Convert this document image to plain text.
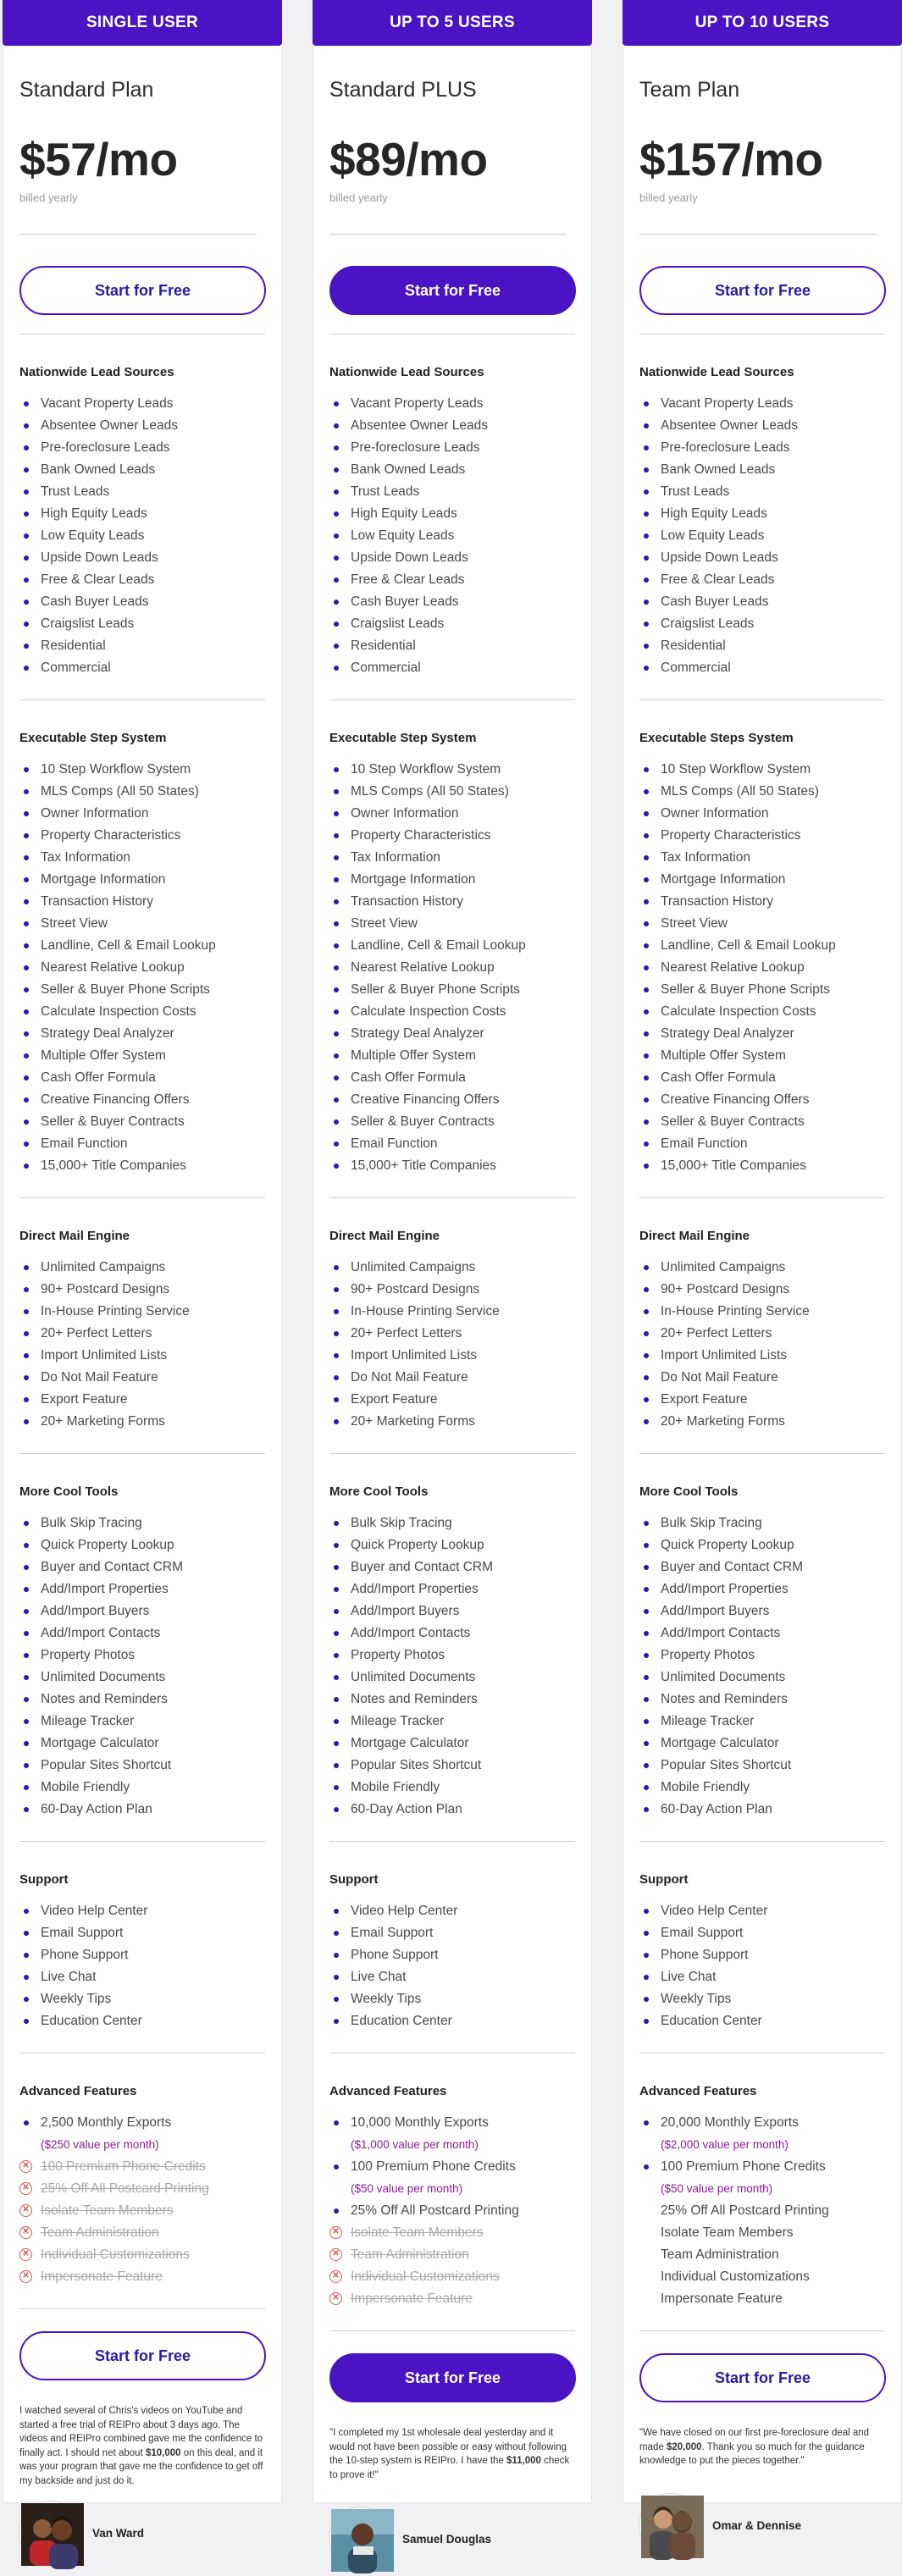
SINGLE USER
Standard Plan
$57/mo
billed yearly
Start for Free
Nationwide Lead Sources
Vacant Property Leads
Absentee Owner Leads
Pre-foreclosure Leads
Bank Owned Leads
Trust Leads
High Equity Leads
Low Equity Leads
Upside Down Leads
Free & Clear Leads
Cash Buyer Leads
Craigslist Leads
Residential
Commercial
Executable Step System
10 Step Workflow System
MLS Comps (All 50 States)
Owner Information
Property Characteristics
Tax Information
Mortgage Information
Transaction History
Street View
Landline, Cell & Email Lookup
Nearest Relative Lookup
Seller & Buyer Phone Scripts
Calculate Inspection Costs
Strategy Deal Analyzer
Multiple Offer System
Cash Offer Formula
Creative Financing Offers
Seller & Buyer Contracts
Email Function
15,000+ Title Companies
Direct Mail Engine
Unlimited Campaigns
90+ Postcard Designs
In-House Printing Service
20+ Perfect Letters
Import Unlimited Lists
Do Not Mail Feature
Export Feature
20+ Marketing Forms
More Cool Tools
Bulk Skip Tracing
Quick Property Lookup
Buyer and Contact CRM
Add/Import Properties
Add/Import Buyers
Add/Import Contacts
Property Photos
Unlimited Documents
Notes and Reminders
Mileage Tracker
Mortgage Calculator
Popular Sites Shortcut
Mobile Friendly
60-Day Action Plan
Support
Video Help Center
Email Support
Phone Support
Live Chat
Weekly Tips
Education Center
Advanced Features
2,500 Monthly Exports
($250 value per month)
✕ 100 Premium Phone Credits
✕ 25% Off All Postcard Printing
✕ Isolate Team Members
✕ Team Administration
✕ Individual Customizations
✕ Impersonate Feature
Start for Free
I watched several of Chris's videos on YouTube and started a free trial of REIPro about 3 days ago. The videos and REIPro combined gave me the confidence to finally act. I should net about $10,000 on this deal, and it was your program that gave me the confidence to get off my backside and just do it.
Van Ward
UP TO 5 USERS
Standard PLUS
$89/mo
billed yearly
Start for Free
Nationwide Lead Sources
Vacant Property Leads
Absentee Owner Leads
Pre-foreclosure Leads
Bank Owned Leads
Trust Leads
High Equity Leads
Low Equity Leads
Upside Down Leads
Free & Clear Leads
Cash Buyer Leads
Craigslist Leads
Residential
Commercial
Executable Step System
10 Step Workflow System
MLS Comps (All 50 States)
Owner Information
Property Characteristics
Tax Information
Mortgage Information
Transaction History
Street View
Landline, Cell & Email Lookup
Nearest Relative Lookup
Seller & Buyer Phone Scripts
Calculate Inspection Costs
Strategy Deal Analyzer
Multiple Offer System
Cash Offer Formula
Creative Financing Offers
Seller & Buyer Contracts
Email Function
15,000+ Title Companies
Direct Mail Engine
Unlimited Campaigns
90+ Postcard Designs
In-House Printing Service
20+ Perfect Letters
Import Unlimited Lists
Do Not Mail Feature
Export Feature
20+ Marketing Forms
More Cool Tools
Bulk Skip Tracing
Quick Property Lookup
Buyer and Contact CRM
Add/Import Properties
Add/Import Buyers
Add/Import Contacts
Property Photos
Unlimited Documents
Notes and Reminders
Mileage Tracker
Mortgage Calculator
Popular Sites Shortcut
Mobile Friendly
60-Day Action Plan
Support
Video Help Center
Email Support
Phone Support
Live Chat
Weekly Tips
Education Center
Advanced Features
10,000 Monthly Exports
($1,000 value per month)
100 Premium Phone Credits
($50 value per month)
25% Off All Postcard Printing
✕ Isolate Team Members
✕ Team Administration
✕ Individual Customizations
✕ Impersonate Feature
Start for Free
"I completed my 1st wholesale deal yesterday and it would not have been possible or easy without following the 10-step system is REIPro. I have the $11,000 check to prove it!"
Samuel Douglas
UP TO 10 USERS
Team Plan
$157/mo
billed yearly
Start for Free
Nationwide Lead Sources
Vacant Property Leads
Absentee Owner Leads
Pre-foreclosure Leads
Bank Owned Leads
Trust Leads
High Equity Leads
Low Equity Leads
Upside Down Leads
Free & Clear Leads
Cash Buyer Leads
Craigslist Leads
Residential
Commercial
Executable Steps System
10 Step Workflow System
MLS Comps (All 50 States)
Owner Information
Property Characteristics
Tax Information
Mortgage Information
Transaction History
Street View
Landline, Cell & Email Lookup
Nearest Relative Lookup
Seller & Buyer Phone Scripts
Calculate Inspection Costs
Strategy Deal Analyzer
Multiple Offer System
Cash Offer Formula
Creative Financing Offers
Seller & Buyer Contracts
Email Function
15,000+ Title Companies
Direct Mail Engine
Unlimited Campaigns
90+ Postcard Designs
In-House Printing Service
20+ Perfect Letters
Import Unlimited Lists
Do Not Mail Feature
Export Feature
20+ Marketing Forms
More Cool Tools
Bulk Skip Tracing
Quick Property Lookup
Buyer and Contact CRM
Add/Import Properties
Add/Import Buyers
Add/Import Contacts
Property Photos
Unlimited Documents
Notes and Reminders
Mileage Tracker
Mortgage Calculator
Popular Sites Shortcut
Mobile Friendly
60-Day Action Plan
Support
Video Help Center
Email Support
Phone Support
Live Chat
Weekly Tips
Education Center
Advanced Features
20,000 Monthly Exports
($2,000 value per month)
100 Premium Phone Credits
($50 value per month)
25% Off All Postcard Printing
Isolate Team Members
Team Administration
Individual Customizations
Impersonate Feature
Start for Free
"We have closed on our first pre-foreclosure deal and made $20,000. Thank you so much for the guidance knowledge to put the pieces together."
Omar & Dennise
